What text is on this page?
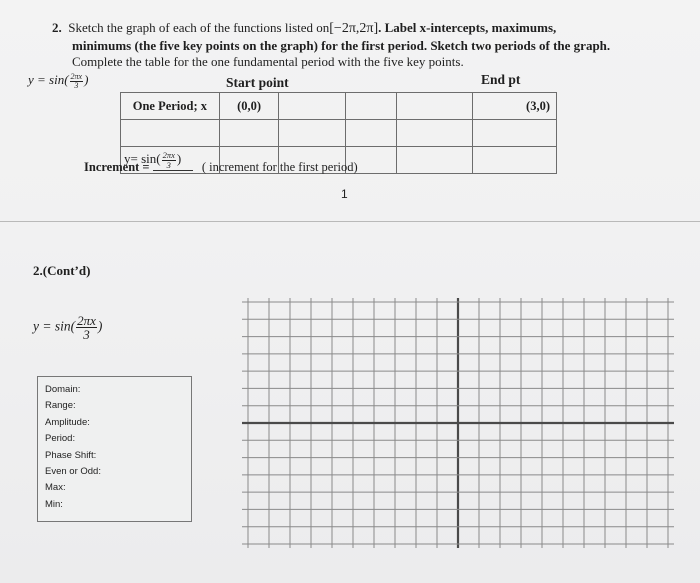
2. Sketch the graph of each of the functions listed on[−2π,2π]. Label x-intercepts, maximums,
minimums (the five key points on the graph) for the first period. Sketch two periods of the graph.
Complete the table for the one fundamental period with the five key points.
$y = \sin( \frac{2\pi x}{3}$ )	Start point	End pt
One Period; x	(0,0)				(3,0)

$y= \sin( \frac{2\pi x}{3}$ )					
Increment =	( increment for the first period)
1
2.(Cont’d)
$y = \sin( \frac{2\pi x}{3}$ )
Domain:
Range:
Amplitude:
Period:
Phase Shift:
Even or Odd:
Max:
Min:
